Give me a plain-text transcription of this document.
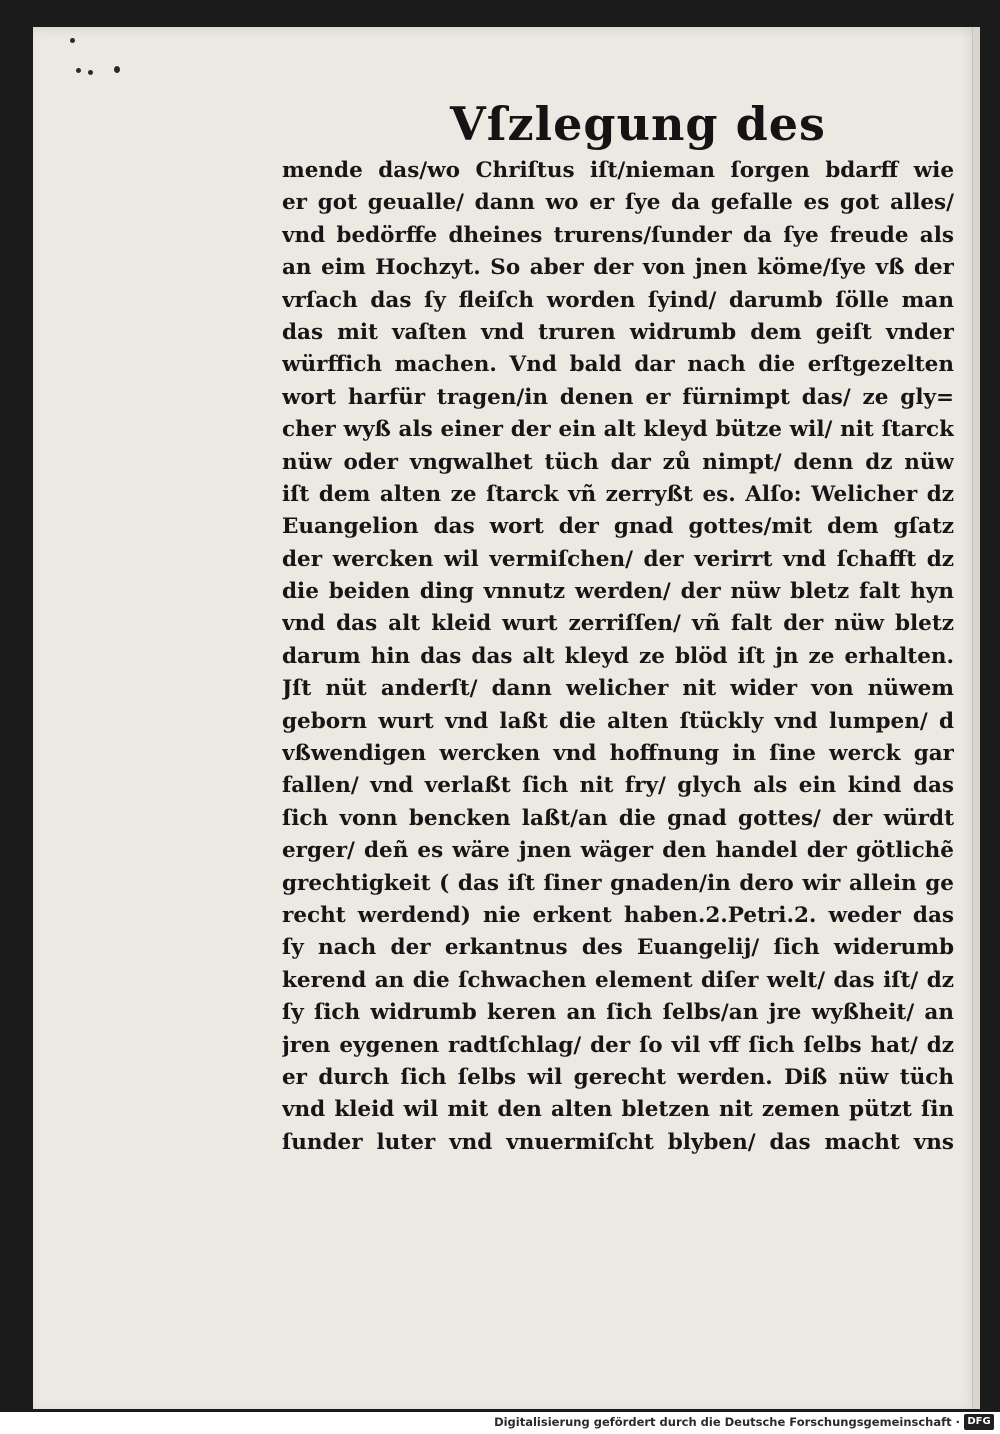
Vſzlegung des
mende das/wo Chriſtus iſt/nieman ſorgen bdarff wie
er got geualle/ dann wo er ſye da gefalle es got alles/
vnd bedörffe dheines trurens/ſunder da ſye freude als
an eim Hochzyt. So aber der von jnen köme/ſye vß der
vrſach das ſy fleiſch worden ſyind/ darumb ſölle man
das mit vaſten vnd truren widrumb dem geiſt vnder
würffich machen. Vnd bald dar nach die erſtgezelten
wort harfür tragen/in denen er fürnimpt das/ ze gly=
cher wyß als einer der ein alt kleyd bütze wil/ nit ſtarck
nüw oder vngwalhet tüch dar zů nimpt/ denn dz nüw
iſt dem alten ze ſtarck vñ zerryßt es. Alſo: Welicher dz
Euangelion das wort der gnad gottes/mit dem gſatz
der wercken wil vermiſchen/ der verirrt vnd ſchafft dz
die beiden ding vnnutz werden/ der nüw bletz falt hyn
vnd das alt kleid wurt zerriſſen/ vñ falt der nüw bletz
darum hin das das alt kleyd ze blöd iſt jn ze erhalten.
Jſt nüt anderſt/ dann welicher nit wider von nüwem
geborn wurt vnd laßt die alten ſtückly vnd lumpen/ d
vßwendigen wercken vnd hoffnung in ſine werck gar
fallen/ vnd verlaßt ſich nit fry/ glych als ein kind das
ſich vonn bencken laßt/an die gnad gottes/ der würdt
erger/ deñ es wäre jnen wäger den handel der götlichẽ
grechtigkeit ( das iſt ſiner gnaden/in dero wir allein ge
recht werdend) nie erkent haben.2.Petri.2. weder das
ſy nach der erkantnus des Euangelij/ ſich widerumb
kerend an die ſchwachen element diſer welt/ das iſt/ dz
ſy ſich widrumb keren an ſich ſelbs/an jre wyßheit/ an
jren eygenen radtſchlag/ der ſo vil vff ſich ſelbs hat/ dz
er durch ſich ſelbs wil gerecht werden. Diß nüw tüch
vnd kleid wil mit den alten bletzen nit zemen pützt ſin
ſunder luter vnd vnuermiſcht blyben/ das macht vns
Digitalisierung gefördert durch die Deutsche Forschungsgemeinschaft · DFG
